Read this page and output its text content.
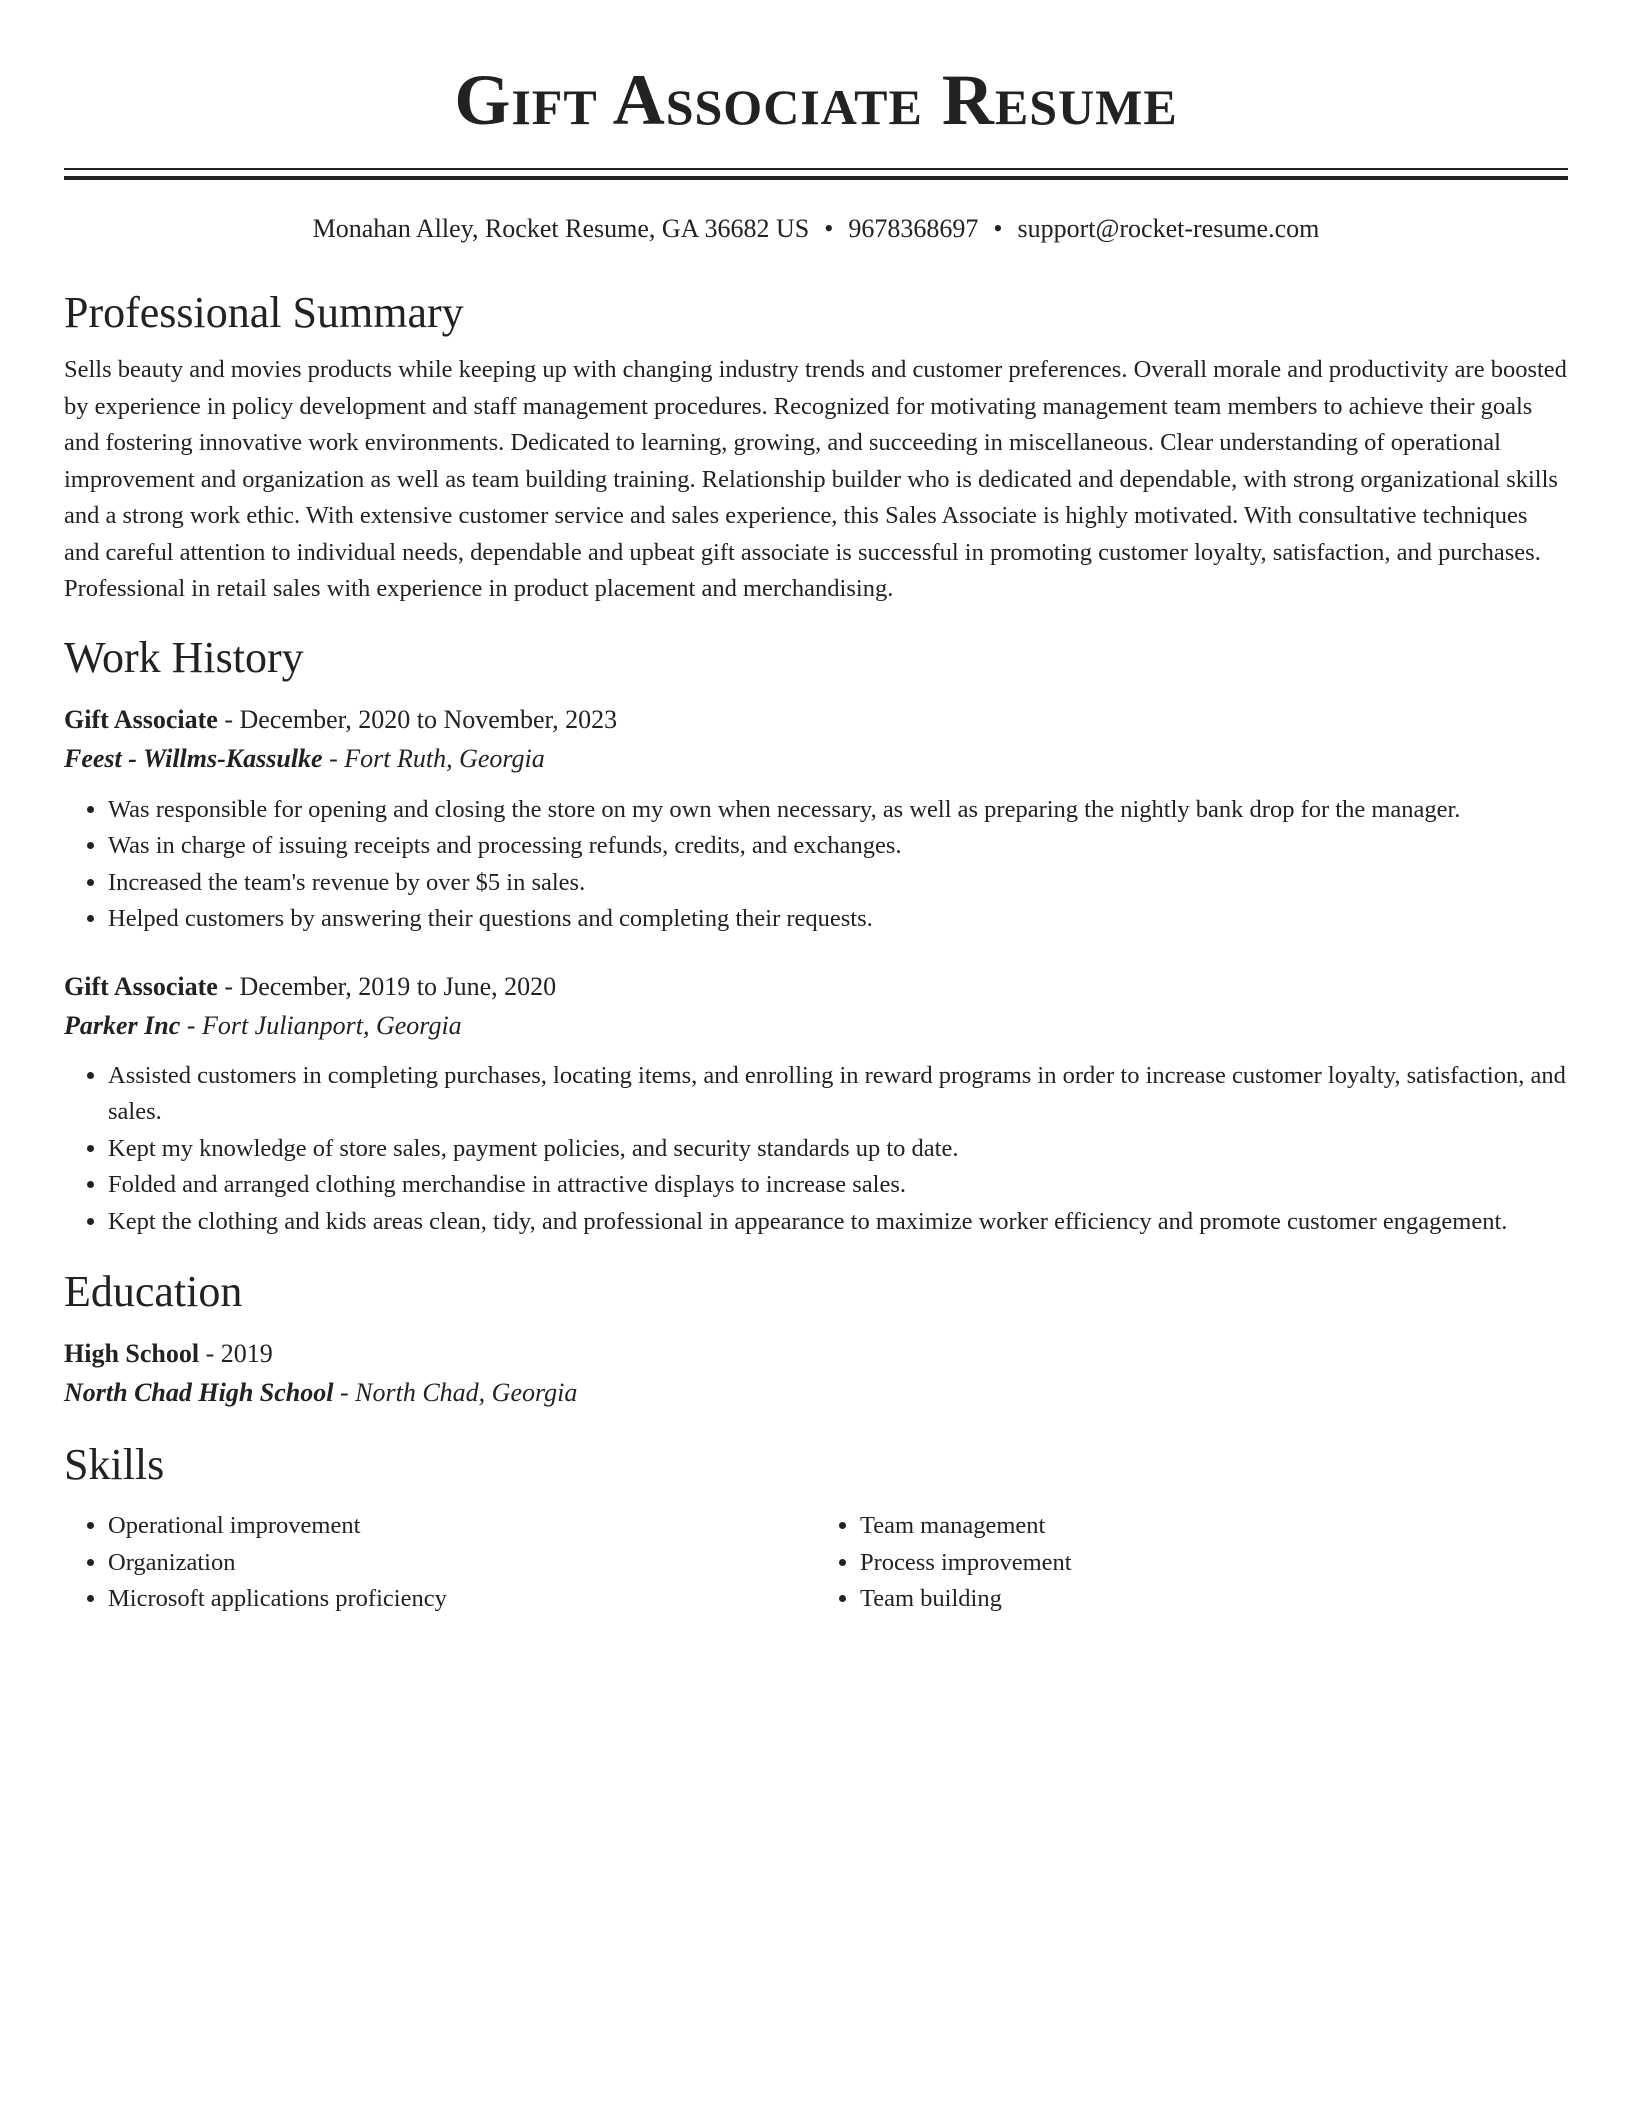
Gift Associate Resume
Monahan Alley, Rocket Resume, GA 36682 US • 9678368697 • support@rocket-resume.com
Professional Summary

Sells beauty and movies products while keeping up with changing industry trends and customer preferences. Overall morale and productivity are boosted by experience in policy development and staff management procedures. Recognized for motivating management team members to achieve their goals and fostering innovative work environments. Dedicated to learning, growing, and succeeding in miscellaneous. Clear understanding of operational improvement and organization as well as team building training. Relationship builder who is dedicated and dependable, with strong organizational skills and a strong work ethic. With extensive customer service and sales experience, this Sales Associate is highly motivated. With consultative techniques and careful attention to individual needs, dependable and upbeat gift associate is successful in promoting customer loyalty, satisfaction, and purchases. Professional in retail sales with experience in product placement and merchandising.

Work History
Gift Associate - December, 2020 to November, 2023
Feest - Willms-Kassulke - Fort Ruth, Georgia
• Was responsible for opening and closing the store on my own when necessary, as well as preparing the nightly bank drop for the manager.
• Was in charge of issuing receipts and processing refunds, credits, and exchanges.
• Increased the team's revenue by over $5 in sales.
• Helped customers by answering their questions and completing their requests.
Gift Associate - December, 2019 to June, 2020
Parker Inc - Fort Julianport, Georgia
• Assisted customers in completing purchases, locating items, and enrolling in reward programs in order to increase customer loyalty, satisfaction, and sales.
• Kept my knowledge of store sales, payment policies, and security standards up to date.
• Folded and arranged clothing merchandise in attractive displays to increase sales.
• Kept the clothing and kids areas clean, tidy, and professional in appearance to maximize worker efficiency and promote customer engagement.
Education
High School - 2019
North Chad High School - North Chad, Georgia
Skills
• Operational improvement
• Organization
• Microsoft applications proficiency
• Team management
• Process improvement
• Team building
